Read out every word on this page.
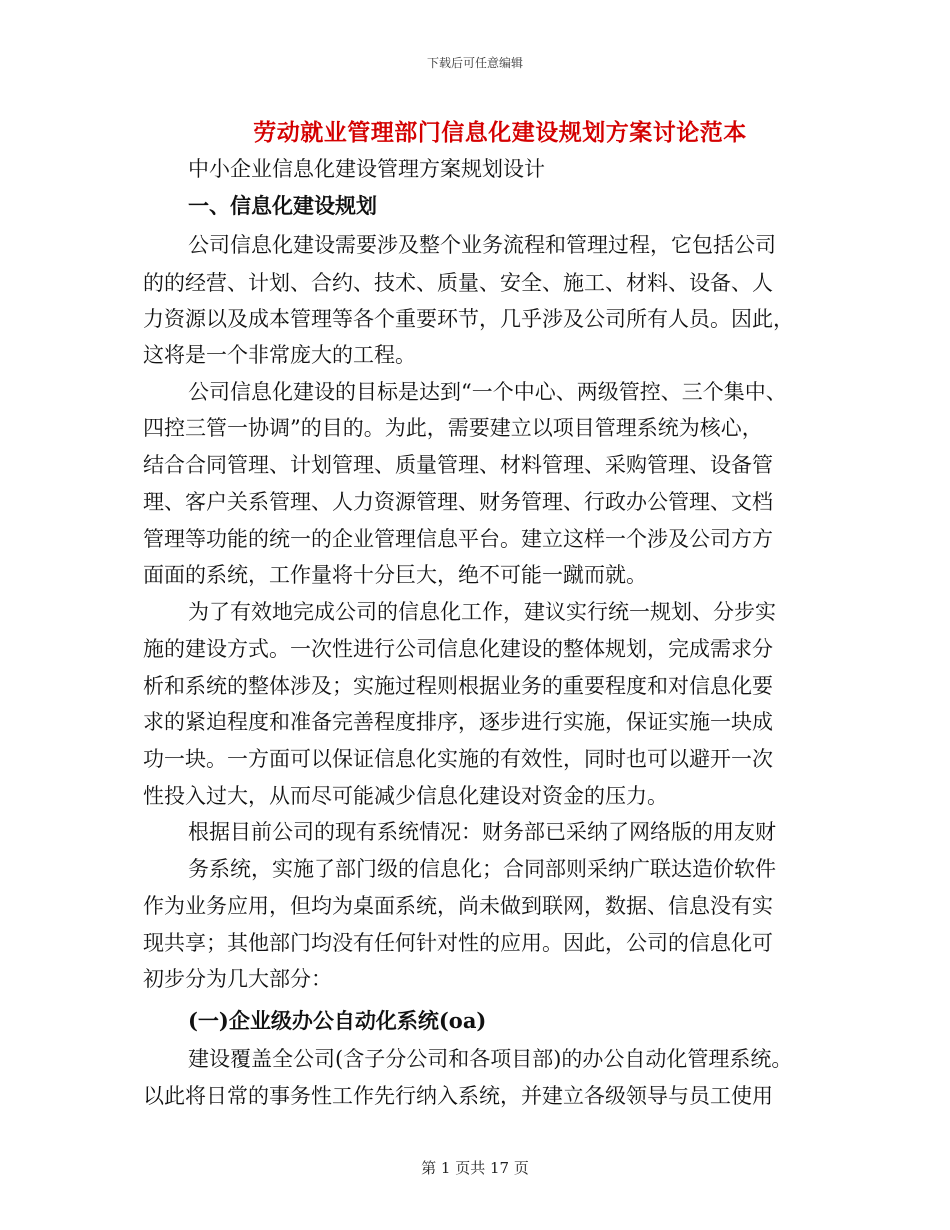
下载后可任意编辑
劳动就业管理部门信息化建设规划方案讨论范本
中小企业信息化建设管理方案规划设计
一、信息化建设规划
公司信息化建设需要涉及整个业务流程和管理过程，它包括公司
的的经营、计划、合约、技术、质量、安全、施工、材料、设备、人
力资源以及成本管理等各个重要环节，几乎涉及公司所有人员。因此，
这将是一个非常庞大的工程。
公司信息化建设的目标是达到“一个中心、两级管控、三个集中、
四控三管一协调”的目的。为此，需要建立以项目管理系统为核心，
结合合同管理、计划管理、质量管理、材料管理、采购管理、设备管
理、客户关系管理、人力资源管理、财务管理、行政办公管理、文档
管理等功能的统一的企业管理信息平台。建立这样一个涉及公司方方
面面的系统，工作量将十分巨大，绝不可能一蹴而就。
为了有效地完成公司的信息化工作，建议实行统一规划、分步实
施的建设方式。一次性进行公司信息化建设的整体规划，完成需求分
析和系统的整体涉及；实施过程则根据业务的重要程度和对信息化要
求的紧迫程度和准备完善程度排序，逐步进行实施，保证实施一块成
功一块。一方面可以保证信息化实施的有效性，同时也可以避开一次
性投入过大，从而尽可能减少信息化建设对资金的压力。
根据目前公司的现有系统情况：财务部已采纳了网络版的用友财
务系统，实施了部门级的信息化；合同部则采纳广联达造价软件
作为业务应用，但均为桌面系统，尚未做到联网，数据、信息没有实
现共享；其他部门均没有任何针对性的应用。因此，公司的信息化可
初步分为几大部分：
(一)企业级办公自动化系统(oa)
建设覆盖全公司(含子分公司和各项目部)的办公自动化管理系统。
以此将日常的事务性工作先行纳入系统，并建立各级领导与员工使用
第 1 页共 17 页
